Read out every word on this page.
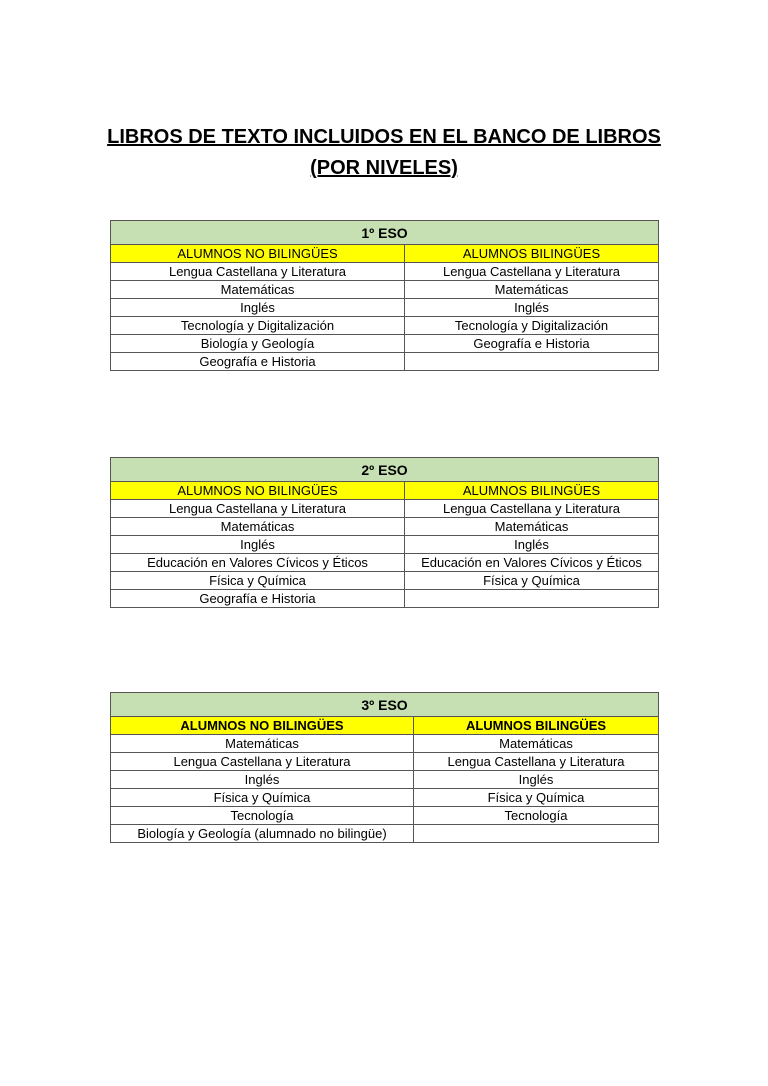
LIBROS DE TEXTO INCLUIDOS EN EL BANCO DE LIBROS
(POR NIVELES)
1º ESO	
ALUMNOS NO BILINGÜES	ALUMNOS BILINGÜES
Lengua Castellana y Literatura	Lengua Castellana y Literatura
Matemáticas	Matemáticas
Inglés	Inglés
Tecnología y Digitalización	Tecnología y Digitalización
Biología y Geología	Geografía e Historia
Geografía e Historia	
2º ESO	
ALUMNOS NO BILINGÜES	ALUMNOS BILINGÜES
Lengua Castellana y Literatura	Lengua Castellana y Literatura
Matemáticas	Matemáticas
Inglés	Inglés
Educación en Valores Cívicos y Éticos	Educación en Valores Cívicos y Éticos
Física y Química	Física y Química
Geografía e Historia	
3º ESO	
ALUMNOS NO BILINGÜES	ALUMNOS BILINGÜES
Matemáticas	Matemáticas
Lengua Castellana y Literatura	Lengua Castellana y Literatura
Inglés	Inglés
Física y Química	Física y Química
Tecnología	Tecnología
Biología y Geología (alumnado no bilingüe)	
